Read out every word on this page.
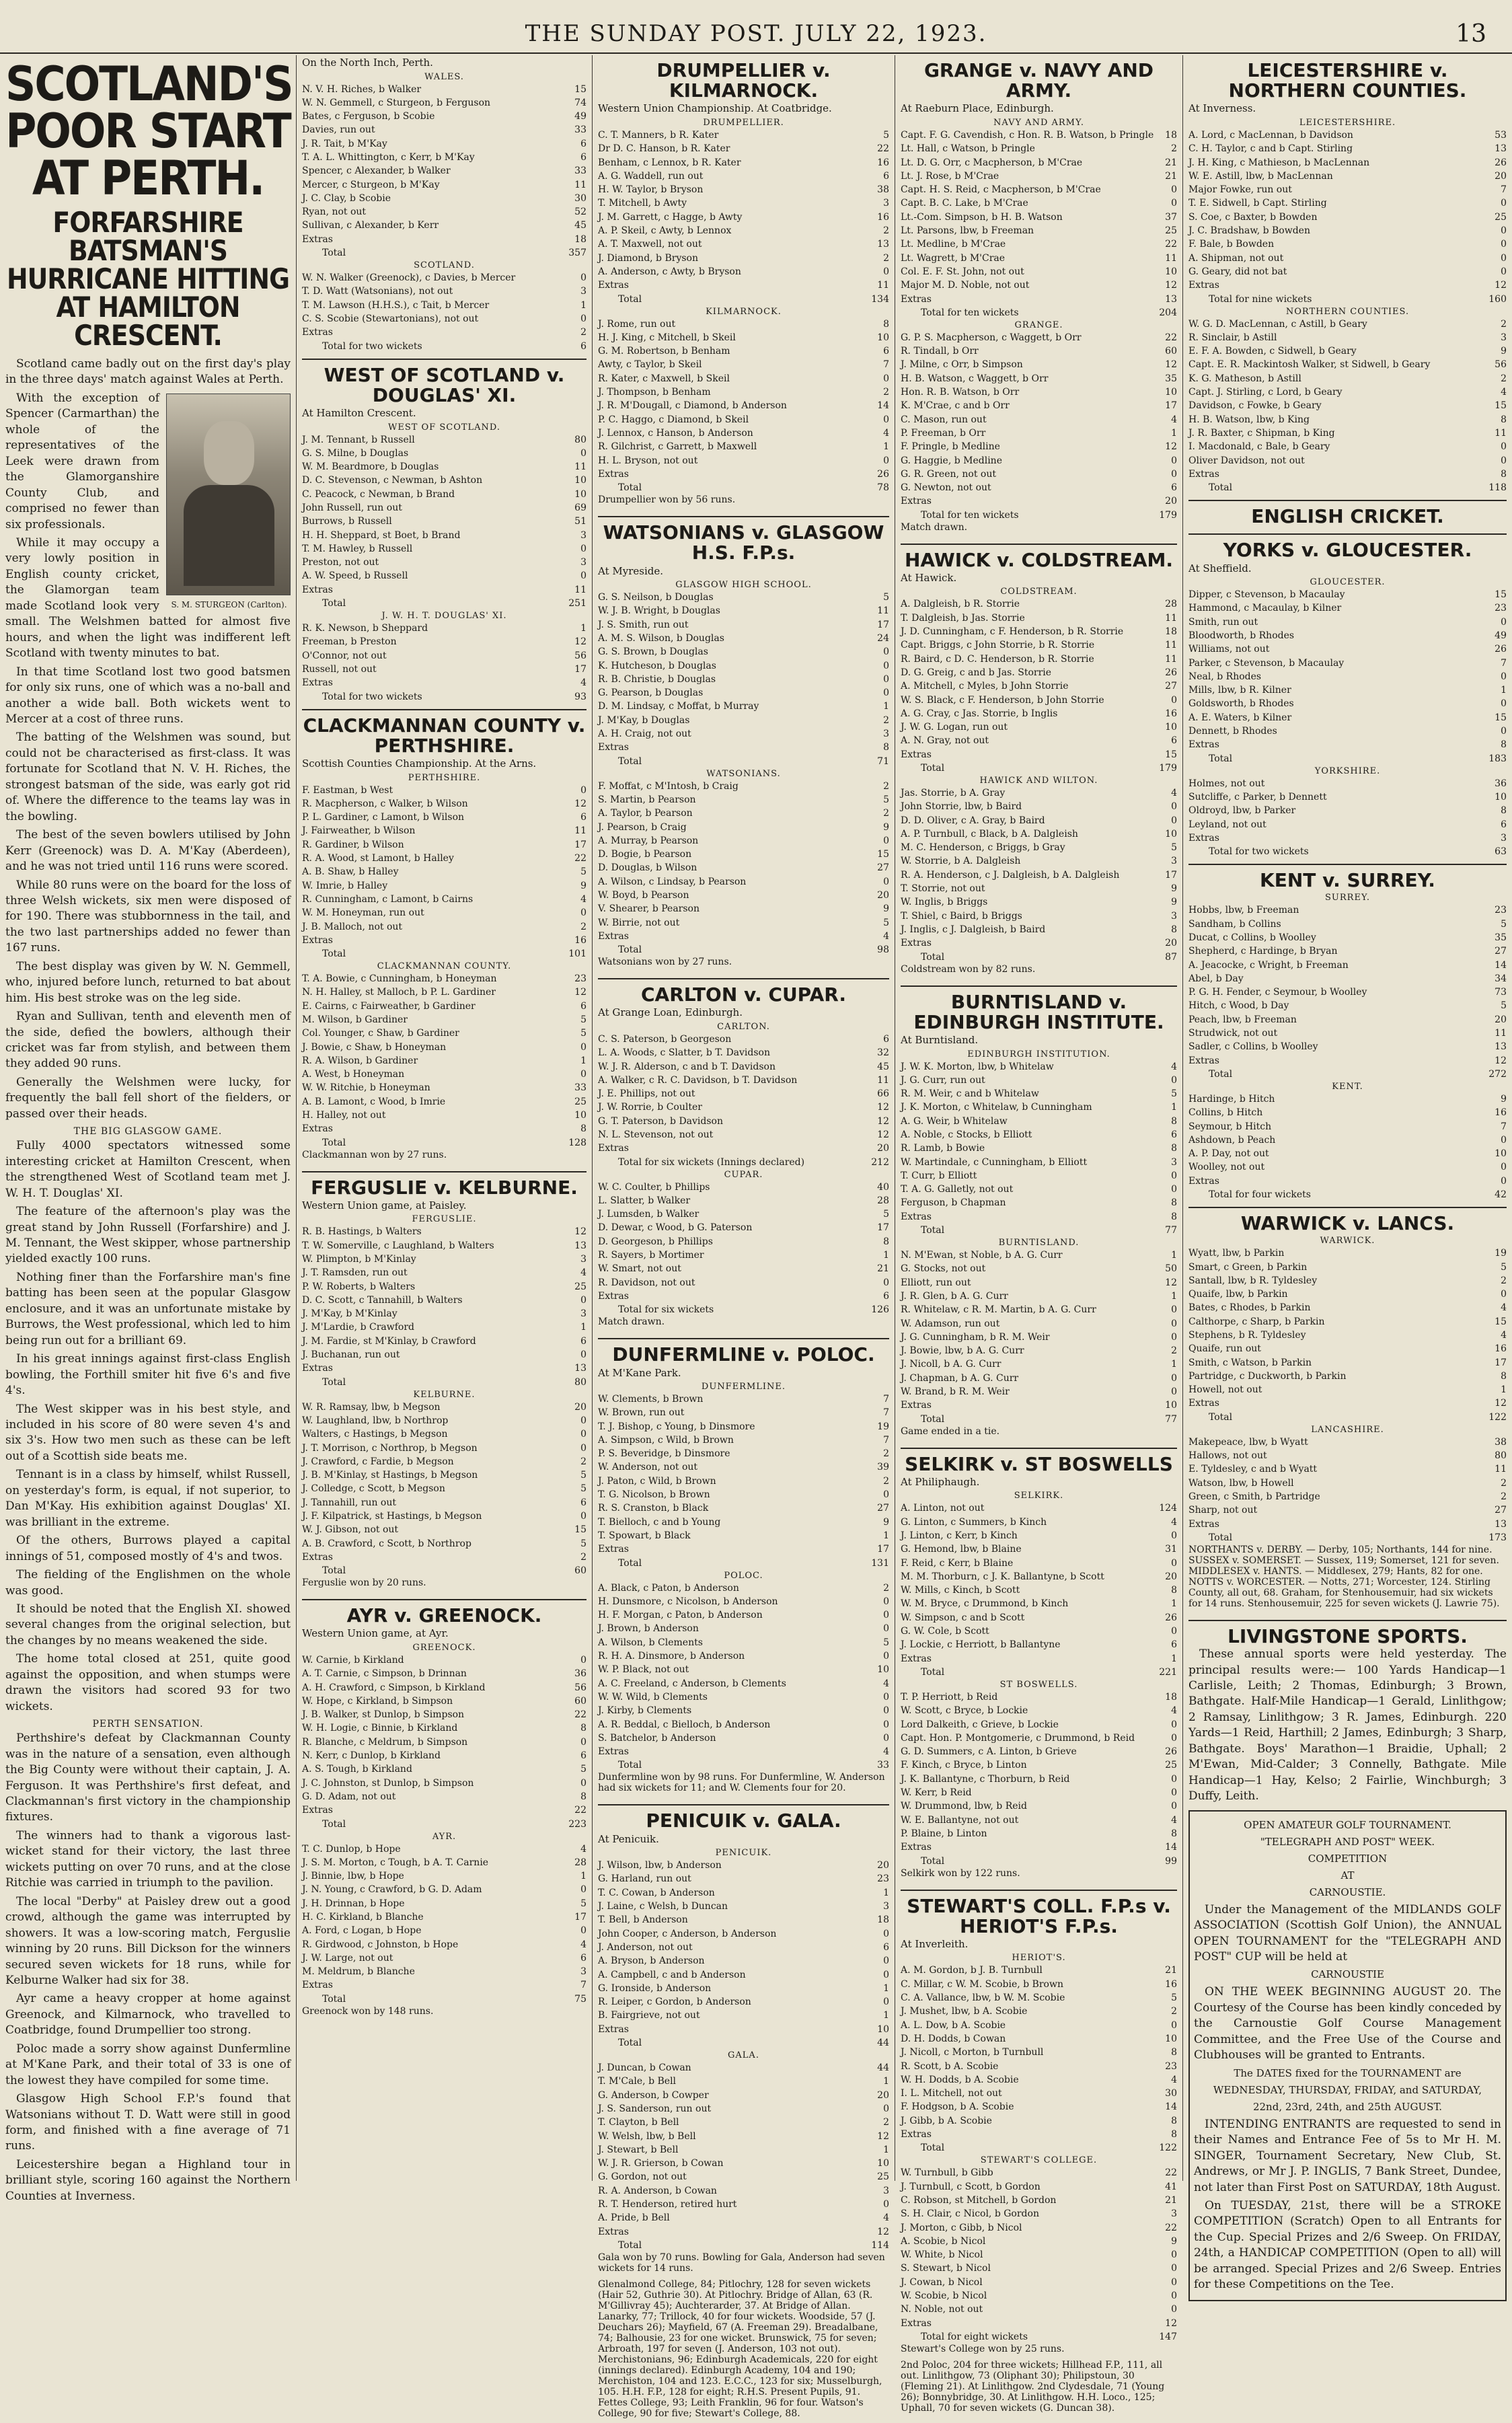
THE SUNDAY POST. JULY 22, 1923.	13
SCOTLAND'S POOR START AT PERTH.
FORFARSHIRE BATSMAN'S HURRICANE HITTING AT HAMILTON CRESCENT.
Scotland came badly out on the first day's play in the three days' match against Wales at Perth.
S. M. STURGEON (Carlton).
With the exception of Spencer (Carmarthan) the whole of the representatives of the Leek were drawn from the Glamorganshire County Club, and comprised no fewer than six professionals.
While it may occupy a very lowly position in English county cricket, the Glamorgan team made Scotland look very small. The Welshmen batted for almost five hours, and when the light was indifferent left Scotland with twenty minutes to bat.
In that time Scotland lost two good batsmen for only six runs, one of which was a no-ball and another a wide ball. Both wickets went to Mercer at a cost of three runs.
The batting of the Welshmen was sound, but could not be characterised as first-class. It was fortunate for Scotland that N. V. H. Riches, the strongest batsman of the side, was early got rid of. Where the difference to the teams lay was in the bowling.
The best of the seven bowlers utilised by John Kerr (Greenock) was D. A. M'Kay (Aberdeen), and he was not tried until 116 runs were scored.
While 80 runs were on the board for the loss of three Welsh wickets, six men were disposed of for 190. There was stubbornness in the tail, and the two last partnerships added no fewer than 167 runs.
The best display was given by W. N. Gemmell, who, injured before lunch, returned to bat about him. His best stroke was on the leg side.
Ryan and Sullivan, tenth and eleventh men of the side, defied the bowlers, although their cricket was far from stylish, and between them they added 90 runs.
Generally the Welshmen were lucky, for frequently the ball fell short of the fielders, or passed over their heads.
THE BIG GLASGOW GAME.
Fully 4000 spectators witnessed some interesting cricket at Hamilton Crescent, when the strengthened West of Scotland team met J. W. H. T. Douglas' XI.
The feature of the afternoon's play was the great stand by John Russell (Forfarshire) and J. M. Tennant, the West skipper, whose partnership yielded exactly 100 runs.
Nothing finer than the Forfarshire man's fine batting has been seen at the popular Glasgow enclosure, and it was an unfortunate mistake by Burrows, the West professional, which led to him being run out for a brilliant 69.
In his great innings against first-class English bowling, the Forthill smiter hit five 6's and five 4's.
The West skipper was in his best style, and included in his score of 80 were seven 4's and six 3's. How two men such as these can be left out of a Scottish side beats me.
Tennant is in a class by himself, whilst Russell, on yesterday's form, is equal, if not superior, to Dan M'Kay. His exhibition against Douglas' XI. was brilliant in the extreme.
Of the others, Burrows played a capital innings of 51, composed mostly of 4's and twos.
The fielding of the Englishmen on the whole was good.
It should be noted that the English XI. showed several changes from the original selection, but the changes by no means weakened the side.
The home total closed at 251, quite good against the opposition, and when stumps were drawn the visitors had scored 93 for two wickets.
PERTH SENSATION.
Perthshire's defeat by Clackmannan County was in the nature of a sensation, even although the Big County were without their captain, J. A. Ferguson. It was Perthshire's first defeat, and Clackmannan's first victory in the championship fixtures.
The winners had to thank a vigorous last-wicket stand for their victory, the last three wickets putting on over 70 runs, and at the close Ritchie was carried in triumph to the pavilion.
The local "Derby" at Paisley drew out a good crowd, although the game was interrupted by showers. It was a low-scoring match, Ferguslie winning by 20 runs. Bill Dickson for the winners secured seven wickets for 18 runs, while for Kelburne Walker had six for 38.
Ayr came a heavy cropper at home against Greenock, and Kilmarnock, who travelled to Coatbridge, found Drumpellier too strong.
Poloc made a sorry show against Dunfermline at M'Kane Park, and their total of 33 is one of the lowest they have compiled for some time.
Glasgow High School F.P.'s found that Watsonians without T. D. Watt were still in good form, and finished with a fine average of 71 runs.
Leicestershire began a Highland tour in brilliant style, scoring 160 against the Northern Counties at Inverness.
On the North Inch, Perth.
WALES.
N. V. H. Riches, b Walker	15
W. N. Gemmell, c Sturgeon, b Ferguson	74
Bates, c Ferguson, b Scobie	49
Davies, run out	33
J. R. Tait, b M'Kay	6
T. A. L. Whittington, c Kerr, b M'Kay	6
Spencer, c Alexander, b Walker	33
Mercer, c Sturgeon, b M'Kay	11
J. C. Clay, b Scobie	30
Ryan, not out	52
Sullivan, c Alexander, b Kerr	45
Extras	18
Total	357
SCOTLAND.
W. N. Walker (Greenock), c Davies, b Mercer	0
T. D. Watt (Watsonians), not out	3
T. M. Lawson (H.H.S.), c Tait, b Mercer	1
C. S. Scobie (Stewartonians), not out	0
Extras	2
Total for two wickets	6
WEST OF SCOTLAND v. DOUGLAS' XI.
At Hamilton Crescent.
WEST OF SCOTLAND.
J. M. Tennant, b Russell	80
G. S. Milne, b Douglas	0
W. M. Beardmore, b Douglas	11
D. C. Stevenson, c Newman, b Ashton	10
C. Peacock, c Newman, b Brand	10
John Russell, run out	69
Burrows, b Russell	51
H. H. Sheppard, st Boet, b Brand	3
T. M. Hawley, b Russell	0
Preston, not out	3
A. W. Speed, b Russell	0
Extras	11
Total	251
J. W. H. T. DOUGLAS' XI.
R. K. Newson, b Sheppard	1
Freeman, b Preston	12
O'Connor, not out	56
Russell, not out	17
Extras	4
Total for two wickets	93
CLACKMANNAN COUNTY v. PERTHSHIRE.
Scottish Counties Championship. At the Arns.
PERTHSHIRE.
F. Eastman, b West	0
R. Macpherson, c Walker, b Wilson	12
P. L. Gardiner, c Lamont, b Wilson	6
J. Fairweather, b Wilson	11
R. Gardiner, b Wilson	17
R. A. Wood, st Lamont, b Halley	22
A. B. Shaw, b Halley	5
W. Imrie, b Halley	9
R. Cunningham, c Lamont, b Cairns	4
W. M. Honeyman, run out	0
J. B. Malloch, not out	2
Extras	16
Total	101
CLACKMANNAN COUNTY.
T. A. Bowie, c Cunningham, b Honeyman	23
N. H. Halley, st Malloch, b P. L. Gardiner	12
E. Cairns, c Fairweather, b Gardiner	6
M. Wilson, b Gardiner	5
Col. Younger, c Shaw, b Gardiner	5
J. Bowie, c Shaw, b Honeyman	0
R. A. Wilson, b Gardiner	1
A. West, b Honeyman	0
W. W. Ritchie, b Honeyman	33
A. B. Lamont, c Wood, b Imrie	25
H. Halley, not out	10
Extras	8
Total	128
Clackmannan won by 27 runs.
FERGUSLIE v. KELBURNE.
Western Union game, at Paisley.
FERGUSLIE.
R. B. Hastings, b Walters	12
T. W. Somerville, c Laughland, b Walters	13
W. Plimpton, b M'Kinlay	3
J. T. Ramsden, run out	4
P. W. Roberts, b Walters	25
D. C. Scott, c Tannahill, b Walters	0
J. M'Kay, b M'Kinlay	3
J. M'Lardie, b Crawford	1
J. M. Fardie, st M'Kinlay, b Crawford	6
J. Buchanan, run out	0
Extras	13
Total	80
KELBURNE.
W. R. Ramsay, lbw, b Megson	20
W. Laughland, lbw, b Northrop	0
Walters, c Hastings, b Megson	0
J. T. Morrison, c Northrop, b Megson	0
J. Crawford, c Fardie, b Megson	2
J. B. M'Kinlay, st Hastings, b Megson	5
J. Colledge, c Scott, b Megson	5
J. Tannahill, run out	6
J. F. Kilpatrick, st Hastings, b Megson	0
W. J. Gibson, not out	15
A. B. Crawford, c Scott, b Northrop	5
Extras	2
Total	60
Ferguslie won by 20 runs.
AYR v. GREENOCK.
Western Union game, at Ayr.
GREENOCK.
W. Carnie, b Kirkland	0
A. T. Carnie, c Simpson, b Drinnan	36
A. H. Crawford, c Simpson, b Kirkland	56
W. Hope, c Kirkland, b Simpson	60
J. B. Walker, st Dunlop, b Simpson	22
W. H. Logie, c Binnie, b Kirkland	8
R. Blanche, c Meldrum, b Simpson	0
N. Kerr, c Dunlop, b Kirkland	6
A. S. Tough, b Kirkland	5
J. C. Johnston, st Dunlop, b Simpson	0
G. D. Adam, not out	8
Extras	22
Total	223
AYR.
T. C. Dunlop, b Hope	4
J. S. M. Morton, c Tough, b A. T. Carnie	28
J. Binnie, lbw, b Hope	1
J. N. Young, c Crawford, b G. D. Adam	0
J. H. Drinnan, b Hope	5
H. C. Kirkland, b Blanche	17
A. Ford, c Logan, b Hope	0
R. Girdwood, c Johnston, b Hope	4
J. W. Large, not out	6
M. Meldrum, b Blanche	3
Extras	7
Total	75
Greenock won by 148 runs.
DRUMPELLIER v. KILMARNOCK.
Western Union Championship. At Coatbridge.
DRUMPELLIER.
C. T. Manners, b R. Kater	5
Dr D. C. Hanson, b R. Kater	22
Benham, c Lennox, b R. Kater	16
A. G. Waddell, run out	6
H. W. Taylor, b Bryson	38
T. Mitchell, b Awty	3
J. M. Garrett, c Hagge, b Awty	16
A. P. Skeil, c Awty, b Lennox	2
A. T. Maxwell, not out	13
J. Diamond, b Bryson	2
A. Anderson, c Awty, b Bryson	0
Extras	11
Total	134
KILMARNOCK.
J. Rome, run out	8
H. J. King, c Mitchell, b Skeil	10
G. M. Robertson, b Benham	6
Awty, c Taylor, b Skeil	7
R. Kater, c Maxwell, b Skeil	0
J. Thompson, b Benham	2
J. R. M'Dougall, c Diamond, b Anderson	14
P. C. Haggo, c Diamond, b Skeil	0
J. Lennox, c Hanson, b Anderson	4
R. Gilchrist, c Garrett, b Maxwell	1
H. L. Bryson, not out	0
Extras	26
Total	78
Drumpellier won by 56 runs.
WATSONIANS v. GLASGOW H.S. F.P.s.
At Myreside.
GLASGOW HIGH SCHOOL.
G. S. Neilson, b Douglas	5
W. J. B. Wright, b Douglas	11
J. S. Smith, run out	17
A. M. S. Wilson, b Douglas	24
G. S. Brown, b Douglas	0
K. Hutcheson, b Douglas	0
R. B. Christie, b Douglas	0
G. Pearson, b Douglas	0
D. M. Lindsay, c Moffat, b Murray	1
J. M'Kay, b Douglas	2
A. H. Craig, not out	3
Extras	8
Total	71
WATSONIANS.
F. Moffat, c M'Intosh, b Craig	2
S. Martin, b Pearson	5
A. Taylor, b Pearson	2
J. Pearson, b Craig	9
A. Murray, b Pearson	0
D. Bogie, b Pearson	15
D. Douglas, b Wilson	27
A. Wilson, c Lindsay, b Pearson	0
W. Boyd, b Pearson	20
V. Shearer, b Pearson	9
W. Birrie, not out	5
Extras	4
Total	98
Watsonians won by 27 runs.
CARLTON v. CUPAR.
At Grange Loan, Edinburgh.
CARLTON.
C. S. Paterson, b Georgeson	6
L. A. Woods, c Slatter, b T. Davidson	32
W. J. R. Alderson, c and b T. Davidson	45
A. Walker, c R. C. Davidson, b T. Davidson	11
J. E. Phillips, not out	66
J. W. Rorrie, b Coulter	12
G. T. Paterson, b Davidson	12
N. L. Stevenson, not out	12
Extras	20
Total for six wickets (Innings declared)	212
CUPAR.
W. C. Coulter, b Phillips	40
L. Slatter, b Walker	28
J. Lumsden, b Walker	5
D. Dewar, c Wood, b G. Paterson	17
D. Georgeson, b Phillips	8
R. Sayers, b Mortimer	1
W. Smart, not out	21
R. Davidson, not out	0
Extras	6
Total for six wickets	126
Match drawn.
DUNFERMLINE v. POLOC.
At M'Kane Park.
DUNFERMLINE.
W. Clements, b Brown	7
W. Brown, run out	7
T. J. Bishop, c Young, b Dinsmore	19
A. Simpson, c Wild, b Brown	7
P. S. Beveridge, b Dinsmore	2
W. Anderson, not out	39
J. Paton, c Wild, b Brown	2
T. G. Nicolson, b Brown	0
R. S. Cranston, b Black	27
T. Bielloch, c and b Young	9
T. Spowart, b Black	1
Extras	17
Total	131
POLOC.
A. Black, c Paton, b Anderson	2
H. Dunsmore, c Nicolson, b Anderson	0
H. F. Morgan, c Paton, b Anderson	0
J. Brown, b Anderson	0
A. Wilson, b Clements	5
R. H. A. Dinsmore, b Anderson	0
W. P. Black, not out	10
A. C. Freeland, c Anderson, b Clements	4
W. W. Wild, b Clements	0
J. Kirby, b Clements	0
A. R. Beddal, c Bielloch, b Anderson	0
S. Batchelor, b Anderson	0
Extras	4
Total	33
Dunfermline won by 98 runs. For Dunfermline, W. Anderson had six wickets for 11; and W. Clements four for 20.
PENICUIK v. GALA.
At Penicuik.
PENICUIK.
J. Wilson, lbw, b Anderson	20
G. Harland, run out	23
T. C. Cowan, b Anderson	1
J. Laine, c Welsh, b Duncan	3
T. Bell, b Anderson	18
John Cooper, c Anderson, b Anderson	0
J. Anderson, not out	6
A. Bryson, b Anderson	0
A. Campbell, c and b Anderson	0
G. Ironside, b Anderson	1
R. Leiper, c Gordon, b Anderson	0
B. Fairgrieve, not out	1
Extras	10
Total	44
GALA.
J. Duncan, b Cowan	44
T. M'Cale, b Bell	1
G. Anderson, b Cowper	20
J. S. Sanderson, run out	0
T. Clayton, b Bell	2
W. Welsh, lbw, b Bell	12
J. Stewart, b Bell	1
W. J. R. Grierson, b Cowan	10
G. Gordon, not out	25
R. A. Anderson, b Cowan	3
R. T. Henderson, retired hurt	0
A. Pride, b Bell	4
Extras	12
Total	114
Gala won by 70 runs. Bowling for Gala, Anderson had seven wickets for 14 runs.
Glenalmond College, 84; Pitlochry, 128 for seven wickets (Hair 52, Guthrie 30). At Pitlochry. Bridge of Allan, 63 (R. M'Gillivray 45); Auchterarder, 37. At Bridge of Allan. Lanarky, 77; Trillock, 40 for four wickets. Woodside, 57 (J. Deuchars 26); Mayfield, 67 (A. Freeman 29). Breadalbane, 74; Balhousie, 23 for one wicket. Brunswick, 75 for seven; Arbroath, 197 for seven (J. Anderson, 103 not out). Merchistonians, 96; Edinburgh Academicals, 220 for eight (innings declared). Edinburgh Academy, 104 and 190; Merchiston, 104 and 123. E.C.C., 123 for six; Musselburgh, 105. H.H. F.P., 128 for eight; R.H.S. Present Pupils, 91. Fettes College, 93; Leith Franklin, 96 for four. Watson's College, 90 for five; Stewart's College, 88.
GRANGE v. NAVY AND ARMY.
At Raeburn Place, Edinburgh.
NAVY AND ARMY.
Capt. F. G. Cavendish, c Hon. R. B. Watson, b Pringle	18
Lt. Hall, c Watson, b Pringle	2
Lt. D. G. Orr, c Macpherson, b M'Crae	21
Lt. J. Rose, b M'Crae	21
Capt. H. S. Reid, c Macpherson, b M'Crae	0
Capt. B. C. Lake, b M'Crae	0
Lt.-Com. Simpson, b H. B. Watson	37
Lt. Parsons, lbw, b Freeman	25
Lt. Medline, b M'Crae	22
Lt. Wagrett, b M'Crae	11
Col. E. F. St. John, not out	10
Major M. D. Noble, not out	12
Extras	13
Total for ten wickets	204
GRANGE.
G. P. S. Macpherson, c Waggett, b Orr	22
R. Tindall, b Orr	60
J. Milne, c Orr, b Simpson	12
H. B. Watson, c Waggett, b Orr	35
Hon. R. B. Watson, b Orr	10
K. M'Crae, c and b Orr	17
C. Mason, run out	4
P. Freeman, b Orr	1
F. Pringle, b Medline	12
G. Haggie, b Medline	0
G. R. Green, not out	0
G. Newton, not out	6
Extras	20
Total for ten wickets	179
Match drawn.
HAWICK v. COLDSTREAM.
At Hawick.
COLDSTREAM.
A. Dalgleish, b R. Storrie	28
T. Dalgleish, b Jas. Storrie	11
J. D. Cunningham, c F. Henderson, b R. Storrie	18
Capt. Briggs, c John Storrie, b R. Storrie	11
R. Baird, c D. C. Henderson, b R. Storrie	11
D. G. Greig, c and b Jas. Storrie	26
A. Mitchell, c Myles, b John Storrie	27
W. S. Black, c F. Henderson, b John Storrie	0
A. G. Cray, c Jas. Storrie, b Inglis	16
J. W. G. Logan, run out	10
A. N. Gray, not out	6
Extras	15
Total	179
HAWICK AND WILTON.
Jas. Storrie, b A. Gray	4
John Storrie, lbw, b Baird	0
D. D. Oliver, c A. Gray, b Baird	0
A. P. Turnbull, c Black, b A. Dalgleish	10
M. C. Henderson, c Briggs, b Gray	5
W. Storrie, b A. Dalgleish	3
R. A. Henderson, c J. Dalgleish, b A. Dalgleish	17
T. Storrie, not out	9
W. Inglis, b Briggs	9
T. Shiel, c Baird, b Briggs	3
J. Inglis, c J. Dalgleish, b Baird	8
Extras	20
Total	87
Coldstream won by 82 runs.
BURNTISLAND v. EDINBURGH INSTITUTE.
At Burntisland.
EDINBURGH INSTITUTION.
J. W. K. Morton, lbw, b Whitelaw	4
J. G. Curr, run out	0
R. M. Weir, c and b Whitelaw	5
J. K. Morton, c Whitelaw, b Cunningham	1
A. G. Weir, b Whitelaw	8
A. Noble, c Stocks, b Elliott	6
R. Lamb, b Bowie	8
W. Martindale, c Cunningham, b Elliott	3
T. Curr, b Elliott	0
T. A. G. Galletly, not out	0
Ferguson, b Chapman	8
Extras	8
Total	77
BURNTISLAND.
N. M'Ewan, st Noble, b A. G. Curr	1
G. Stocks, not out	50
Elliott, run out	12
J. R. Glen, b A. G. Curr	1
R. Whitelaw, c R. M. Martin, b A. G. Curr	0
W. Adamson, run out	0
J. G. Cunningham, b R. M. Weir	0
J. Bowie, lbw, b A. G. Curr	2
J. Nicoll, b A. G. Curr	1
J. Chapman, b A. G. Curr	0
W. Brand, b R. M. Weir	0
Extras	10
Total	77
Game ended in a tie.
SELKIRK v. ST BOSWELLS
At Philiphaugh.
SELKIRK.
A. Linton, not out	124
G. Linton, c Summers, b Kinch	4
J. Linton, c Kerr, b Kinch	0
G. Hemond, lbw, b Blaine	31
F. Reid, c Kerr, b Blaine	0
M. M. Thorburn, c J. K. Ballantyne, b Scott	20
W. Mills, c Kinch, b Scott	8
W. M. Bryce, c Drummond, b Kinch	1
W. Simpson, c and b Scott	26
G. W. Cole, b Scott	0
J. Lockie, c Herriott, b Ballantyne	6
Extras	1
Total	221
ST BOSWELLS.
T. P. Herriott, b Reid	18
W. Scott, c Bryce, b Lockie	4
Lord Dalkeith, c Grieve, b Lockie	0
Capt. Hon. P. Montgomerie, c Drummond, b Reid	0
G. D. Summers, c A. Linton, b Grieve	26
F. Kinch, c Bryce, b Linton	25
J. K. Ballantyne, c Thorburn, b Reid	0
W. Kerr, b Reid	0
W. Drummond, lbw, b Reid	0
W. E. Ballantyne, not out	4
P. Blaine, b Linton	8
Extras	14
Total	99
Selkirk won by 122 runs.
STEWART'S COLL. F.P.s v. HERIOT'S F.P.s.
At Inverleith.
HERIOT'S.
A. M. Gordon, b J. B. Turnbull	21
C. Millar, c W. M. Scobie, b Brown	16
C. A. Vallance, lbw, b W. M. Scobie	5
J. Mushet, lbw, b A. Scobie	2
A. L. Dow, b A. Scobie	0
D. H. Dodds, b Cowan	10
J. Nicoll, c Morton, b Turnbull	8
R. Scott, b A. Scobie	23
W. H. Dodds, b A. Scobie	4
I. L. Mitchell, not out	30
F. Hodgson, b A. Scobie	14
J. Gibb, b A. Scobie	8
Extras	8
Total	122
STEWART'S COLLEGE.
W. Turnbull, b Gibb	22
J. Turnbull, c Scott, b Gordon	41
C. Robson, st Mitchell, b Gordon	21
S. H. Clair, c Nicol, b Gordon	3
J. Morton, c Gibb, b Nicol	22
A. Scobie, b Nicol	9
W. White, b Nicol	0
S. Stewart, b Nicol	0
J. Cowan, b Nicol	0
W. Scobie, b Nicol	0
N. Noble, not out	0
Extras	12
Total for eight wickets	147
Stewart's College won by 25 runs.
2nd Poloc, 204 for three wickets; Hillhead F.P., 111, all out. Linlithgow, 73 (Oliphant 30); Philipstoun, 30 (Fleming 21). At Linlithgow. 2nd Clydesdale, 71 (Young 26); Bonnybridge, 30. At Linlithgow. H.H. Loco., 125; Uphall, 70 for seven wickets (G. Duncan 38).
LEICESTERSHIRE v. NORTHERN COUNTIES.
At Inverness.
LEICESTERSHIRE.
A. Lord, c MacLennan, b Davidson	53
C. H. Taylor, c and b Capt. Stirling	13
J. H. King, c Mathieson, b MacLennan	26
W. E. Astill, lbw, b MacLennan	20
Major Fowke, run out	7
T. E. Sidwell, b Capt. Stirling	0
S. Coe, c Baxter, b Bowden	25
J. C. Bradshaw, b Bowden	0
F. Bale, b Bowden	0
A. Shipman, not out	0
G. Geary, did not bat	0
Extras	12
Total for nine wickets	160
NORTHERN COUNTIES.
W. G. D. MacLennan, c Astill, b Geary	2
R. Sinclair, b Astill	3
E. F. A. Bowden, c Sidwell, b Geary	9
Capt. E. R. Mackintosh Walker, st Sidwell, b Geary	56
K. G. Matheson, b Astill	2
Capt. J. Stirling, c Lord, b Geary	4
Davidson, c Fowke, b Geary	15
H. B. Watson, lbw, b King	8
J. R. Baxter, c Shipman, b King	11
I. Macdonald, c Bale, b Geary	0
Oliver Davidson, not out	0
Extras	8
Total	118
ENGLISH CRICKET.
YORKS v. GLOUCESTER.
At Sheffield.
GLOUCESTER.
Dipper, c Stevenson, b Macaulay	15
Hammond, c Macaulay, b Kilner	23
Smith, run out	0
Bloodworth, b Rhodes	49
Williams, not out	26
Parker, c Stevenson, b Macaulay	7
Neal, b Rhodes	0
Mills, lbw, b R. Kilner	1
Goldsworth, b Rhodes	0
A. E. Waters, b Kilner	15
Dennett, b Rhodes	0
Extras	8
Total	183
YORKSHIRE.
Holmes, not out	36
Sutcliffe, c Parker, b Dennett	10
Oldroyd, lbw, b Parker	8
Leyland, not out	6
Extras	3
Total for two wickets	63
KENT v. SURREY.
SURREY.
Hobbs, lbw, b Freeman	23
Sandham, b Collins	5
Ducat, c Collins, b Woolley	35
Shepherd, c Hardinge, b Bryan	27
A. Jeacocke, c Wright, b Freeman	14
Abel, b Day	34
P. G. H. Fender, c Seymour, b Woolley	73
Hitch, c Wood, b Day	5
Peach, lbw, b Freeman	20
Strudwick, not out	11
Sadler, c Collins, b Woolley	13
Extras	12
Total	272
KENT.
Hardinge, b Hitch	9
Collins, b Hitch	16
Seymour, b Hitch	7
Ashdown, b Peach	0
A. P. Day, not out	10
Woolley, not out	0
Extras	0
Total for four wickets	42
WARWICK v. LANCS.
WARWICK.
Wyatt, lbw, b Parkin	19
Smart, c Green, b Parkin	5
Santall, lbw, b R. Tyldesley	2
Quaife, lbw, b Parkin	0
Bates, c Rhodes, b Parkin	4
Calthorpe, c Sharp, b Parkin	15
Stephens, b R. Tyldesley	4
Quaife, run out	16
Smith, c Watson, b Parkin	17
Partridge, c Duckworth, b Parkin	8
Howell, not out	1
Extras	12
Total	122
LANCASHIRE.
Makepeace, lbw, b Wyatt	38
Hallows, not out	80
E. Tyldesley, c and b Wyatt	11
Watson, lbw, b Howell	2
Green, c Smith, b Partridge	2
Sharp, not out	27
Extras	13
Total	173
NORTHANTS v. DERBY. — Derby, 105; Northants, 144 for nine. SUSSEX v. SOMERSET. — Sussex, 119; Somerset, 121 for seven. MIDDLESEX v. HANTS. — Middlesex, 279; Hants, 82 for one. NOTTS v. WORCESTER. — Notts, 271; Worcester, 124. Stirling County, all out, 68. Graham, for Stenhousemuir, had six wickets for 14 runs. Stenhousemuir, 225 for seven wickets (J. Lawrie 75).
LIVINGSTONE SPORTS.
These annual sports were held yesterday. The principal results were:— 100 Yards Handicap—1 Carlisle, Leith; 2 Thomas, Edinburgh; 3 Brown, Bathgate. Half-Mile Handicap—1 Gerald, Linlithgow; 2 Ramsay, Linlithgow; 3 R. James, Edinburgh. 220 Yards—1 Reid, Harthill; 2 James, Edinburgh; 3 Sharp, Bathgate. Boys' Marathon—1 Braidie, Uphall; 2 M'Ewan, Mid-Calder; 3 Connelly, Bathgate. Mile Handicap—1 Hay, Kelso; 2 Fairlie, Winchburgh; 3 Duffy, Leith.
OPEN AMATEUR GOLF TOURNAMENT.
"TELEGRAPH AND POST" WEEK.
COMPETITION
AT
CARNOUSTIE.
Under the Management of the MIDLANDS GOLF ASSOCIATION (Scottish Golf Union), the ANNUAL OPEN TOURNAMENT for the "TELEGRAPH AND POST" CUP will be held at
CARNOUSTIE
ON THE WEEK BEGINNING AUGUST 20. The Courtesy of the Course has been kindly conceded by the Carnoustie Golf Course Management Committee, and the Free Use of the Course and Clubhouses will be granted to Entrants.
The DATES fixed for the TOURNAMENT are
WEDNESDAY, THURSDAY, FRIDAY, and SATURDAY,
22nd, 23rd, 24th, and 25th AUGUST.
INTENDING ENTRANTS are requested to send in their Names and Entrance Fee of 5s to Mr H. M. SINGER, Tournament Secretary, New Club, St. Andrews, or Mr J. P. INGLIS, 7 Bank Street, Dundee, not later than First Post on SATURDAY, 18th August.
On TUESDAY, 21st, there will be a STROKE COMPETITION (Scratch) Open to all Entrants for the Cup. Special Prizes and 2/6 Sweep. On FRIDAY, 24th, a HANDICAP COMPETITION (Open to all) will be arranged. Special Prizes and 2/6 Sweep. Entries for these Competitions on the Tee.
